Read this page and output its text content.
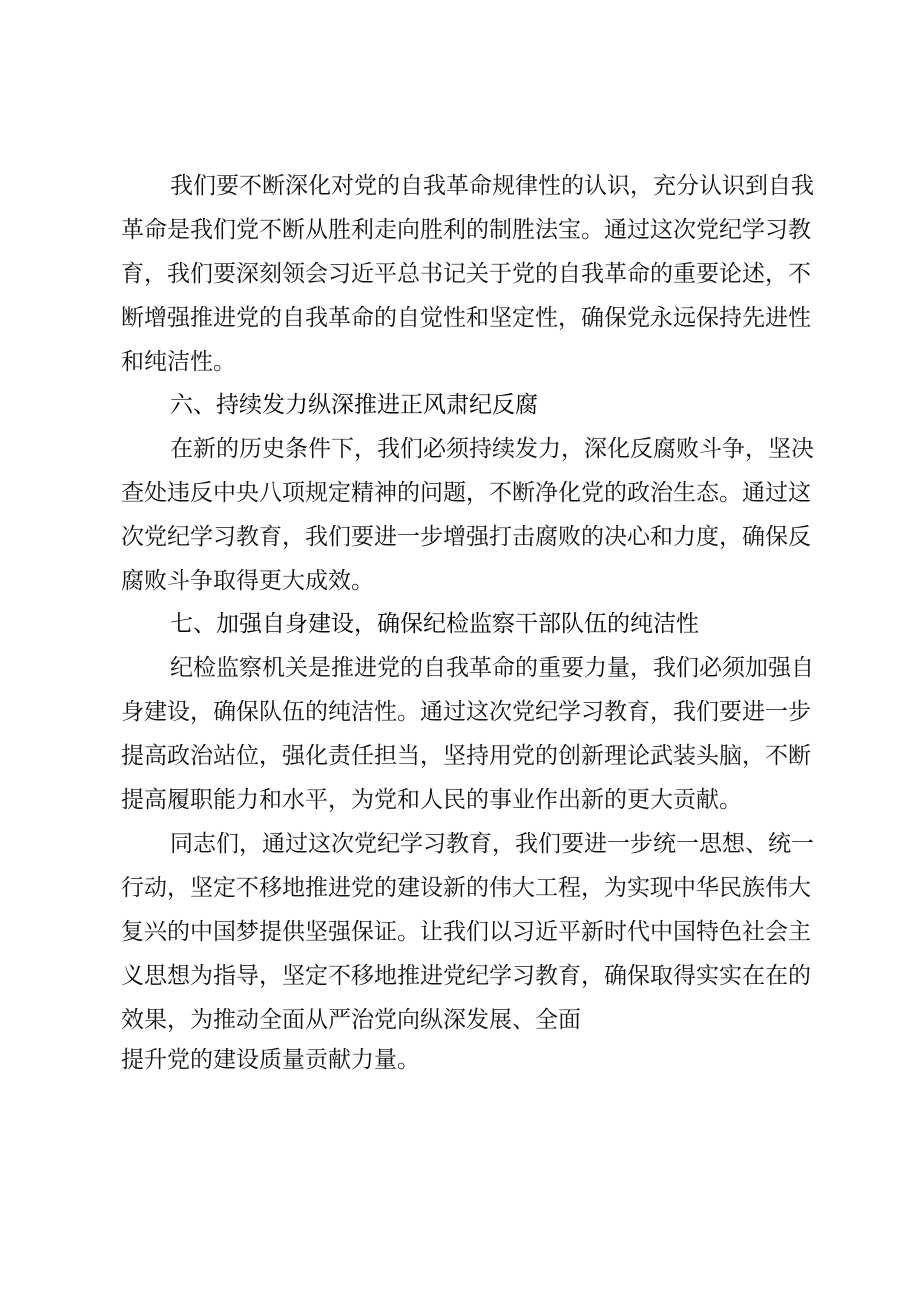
我们要不断深化对党的自我革命规律性的认识，充分认识到自我
革命是我们党不断从胜利走向胜利的制胜法宝。通过这次党纪学习教
育，我们要深刻领会习近平总书记关于党的自我革命的重要论述，不
断增强推进党的自我革命的自觉性和坚定性，确保党永远保持先进性
和纯洁性。
六、持续发力纵深推进正风肃纪反腐
在新的历史条件下，我们必须持续发力，深化反腐败斗争，坚决
查处违反中央八项规定精神的问题，不断净化党的政治生态。通过这
次党纪学习教育，我们要进一步增强打击腐败的决心和力度，确保反
腐败斗争取得更大成效。
七、加强自身建设，确保纪检监察干部队伍的纯洁性
纪检监察机关是推进党的自我革命的重要力量，我们必须加强自
身建设，确保队伍的纯洁性。通过这次党纪学习教育，我们要进一步
提高政治站位，强化责任担当，坚持用党的创新理论武装头脑，不断
提高履职能力和水平，为党和人民的事业作出新的更大贡献。
同志们，通过这次党纪学习教育，我们要进一步统一思想、统一
行动，坚定不移地推进党的建设新的伟大工程，为实现中华民族伟大
复兴的中国梦提供坚强保证。让我们以习近平新时代中国特色社会主
义思想为指导，坚定不移地推进党纪学习教育，确保取得实实在在的
效果，为推动全面从严治党向纵深发展、全面
提升党的建设质量贡献力量。
